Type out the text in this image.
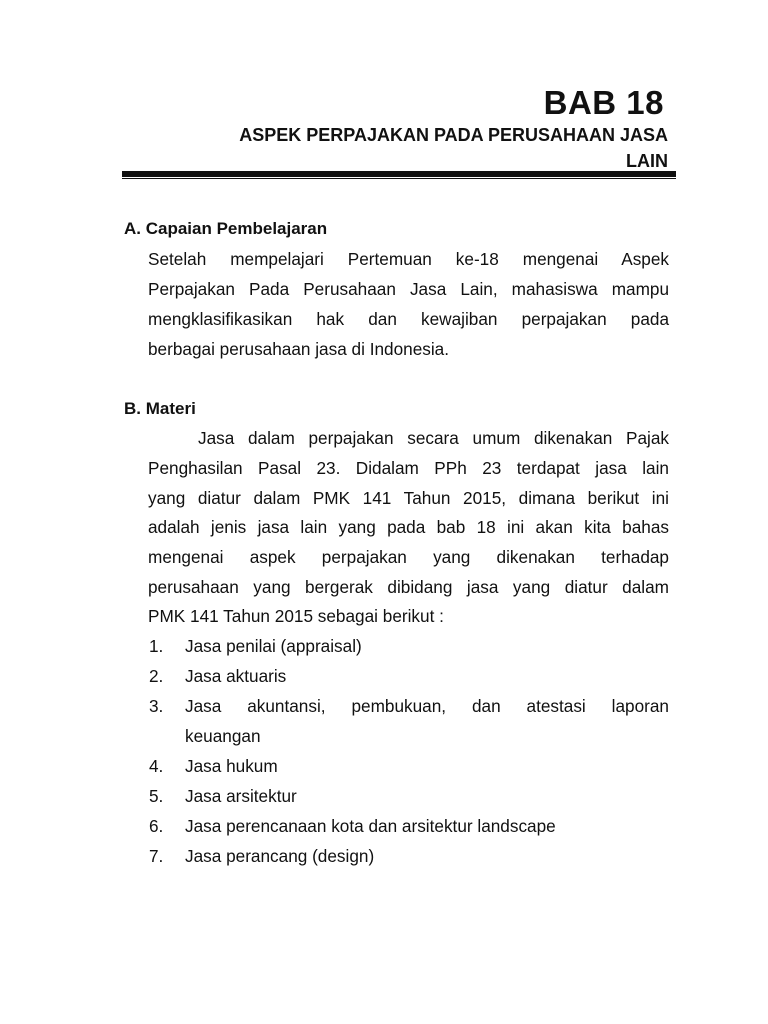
BAB 18
ASPEK PERPAJAKAN PADA PERUSAHAAN JASA
LAIN
A. Capaian Pembelajaran
Setelah mempelajari Pertemuan ke-18 mengenai Aspek
Perpajakan Pada Perusahaan Jasa Lain, mahasiswa mampu
mengklasifikasikan hak dan kewajiban perpajakan pada
berbagai perusahaan jasa di Indonesia.
B. Materi
Jasa dalam perpajakan secara umum dikenakan Pajak
Penghasilan Pasal 23. Didalam PPh 23 terdapat jasa lain
yang diatur dalam PMK 141 Tahun 2015, dimana berikut ini
adalah jenis jasa lain yang pada bab 18 ini akan kita bahas
mengenai aspek perpajakan yang dikenakan terhadap
perusahaan yang bergerak dibidang jasa yang diatur dalam
PMK 141 Tahun 2015 sebagai berikut :
1. Jasa penilai (appraisal)
2. Jasa aktuaris
3. Jasa akuntansi, pembukuan, dan atestasi laporan
keuangan
4. Jasa hukum
5. Jasa arsitektur
6. Jasa perencanaan kota dan arsitektur landscape
7. Jasa perancang (design)
